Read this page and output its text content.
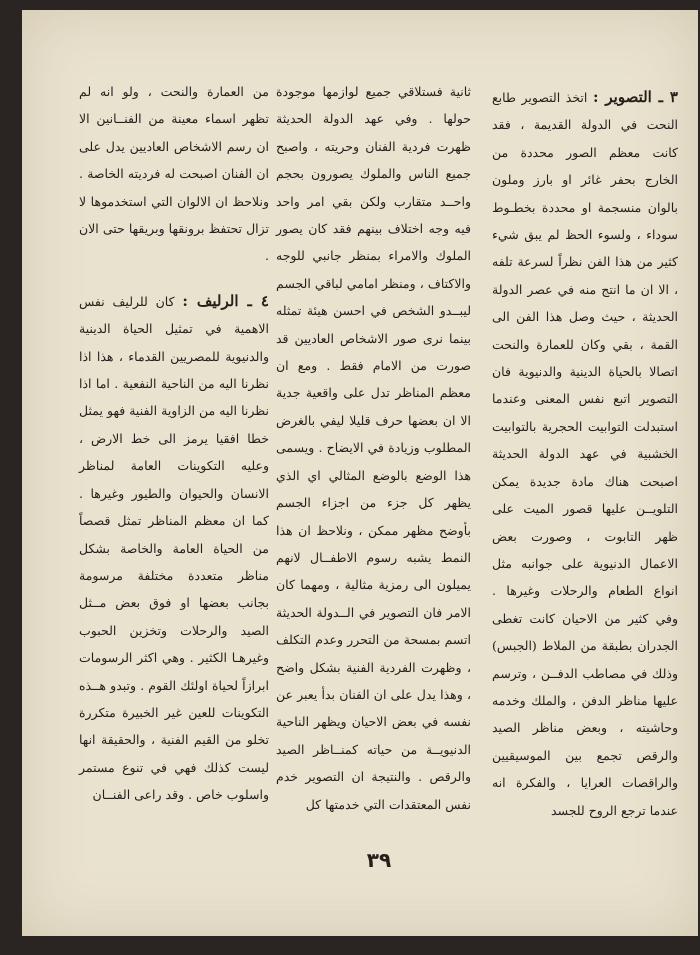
٣ ـ التصوير : اتخذ التصوير طابع النحت في الدولة القديمة ، فقد كانت معظم الصور محددة من الخارج بحفر غائر او بارز وملون بالوان منسجمة او محددة بخطـوط سوداء ، ولسوء الحظ لم يبق شيء كثير من هذا الفن نظراً لسرعة تلفه ، الا ان ما انتج منه في عصر الدولة الحديثة ، حيث وصل هذا الفن الى القمة ، بقي وكان للعمارة والنحت اتصالا بالحياة الدينية والدنيوية فان التصوير اتبع نفس المعنى وعندما استبدلت التوابيت الحجرية بالتوابيت الخشبية في عهد الدولة الحديثة اصبحت هناك مادة جديدة يمكن التلويــن عليها قصور الميت على ظهر التابوت ، وصورت بعض الاعمال الدنيوية على جوانبه مثل انواع الطعام والرحلات وغيرها . وفي كثير من الاحيان كانت تغطى الجدران بطبقة من الملاط (الجبس) وذلك في مصاطب الدفــن ، وترسم عليها مناظر الدفن ، والملك وخدمه وحاشيته ، وبعض مناظر الصيد والرقص تجمع بين الموسيقيين والراقصات العرايا ، والفكرة انه عندما ترجع الروح للجسد

ثانية فستلاقي جميع لوازمها موجودة حولها . وفي عهد الدولة الحديثة ظهرت فردية الفنان وحريته ، واصبح جميع الناس والملوك يصورون بحجم واحــد متقارب ولكن بقي امر واحد فيه وجه اختلاف بينهم فقد كان يصور الملوك والامراء بمنظر جانبي للوجه والاكتاف ، ومنظر امامي لباقي الجسم ليبــدو الشخص في احسن هيئة تمثله بينما نرى صور الاشخاص العاديين قد صورت من الامام فقط . ومع ان معظم المناظر تدل على واقعية جدية الا ان بعضها حرف قليلا ليفي بالغرض المطلوب وزيادة في الايضاح . ويسمى هذا الوضع بالوضع المثالي اي الذي يظهر كل جزء من اجزاء الجسم بأوضح مظهر ممكن ، ونلاحظ ان هذا النمط يشبه رسوم الاطفــال لانهم يميلون الى رمزية مثالية ، ومهما كان الامر فان التصوير في الــدولة الحديثة اتسم بمسحة من التحرر وعدم التكلف ، وظهرت الفردية الفنية بشكل واضح ، وهذا يدل على ان الفنان بدأ يعبر عن نفسه في بعض الاحيان ويظهر الناحية الدنيويــة من حياته كمنــاظر الصيد والرقص . والنتيجة ان التصوير خدم نفس المعتقدات التي خدمتها كل

من العمارة والنحت ، ولو انه لم تظهر اسماء معينة من الفنــانين الا ان رسم الاشخاص العاديين يدل على ان الفنان اصبحت له فرديته الخاصة . ونلاحظ ان الالوان التي استخدموها لا تزال تحتفظ برونقها وبريقها حتى الان .

٤ ـ الرليف : كان للرليف نفس الاهمية في تمثيل الحياة الدينية والدنيوية للمصريين القدماء ، هذا اذا نظرنا اليه من الناحية النفعية . اما اذا نظرنا اليه من الزاوية الفنية فهو يمثل خطا افقيا يرمز الى خط الارض ، وعليه التكوينات العامة لمناظر الانسان والحيوان والطيور وغيرها . كما ان معظم المناظر تمثل قصصاً من الحياة العامة والخاصة بشكل مناظر متعددة مختلفة مرسومة بجانب بعضها او فوق بعض مــثل الصيد والرحلات وتخزين الحبوب وغيرهـا الكثير . وهي اكثر الرسومات ابرازاً لحياة اولئك القوم . وتبدو هــذه التكوينات للعين غير الخبيرة متكررة تخلو من القيم الفنية ، والحقيقة انها ليست كذلك فهي في تنوع مستمر واسلوب خاص . وقد راعى الفنــان

٣٩
